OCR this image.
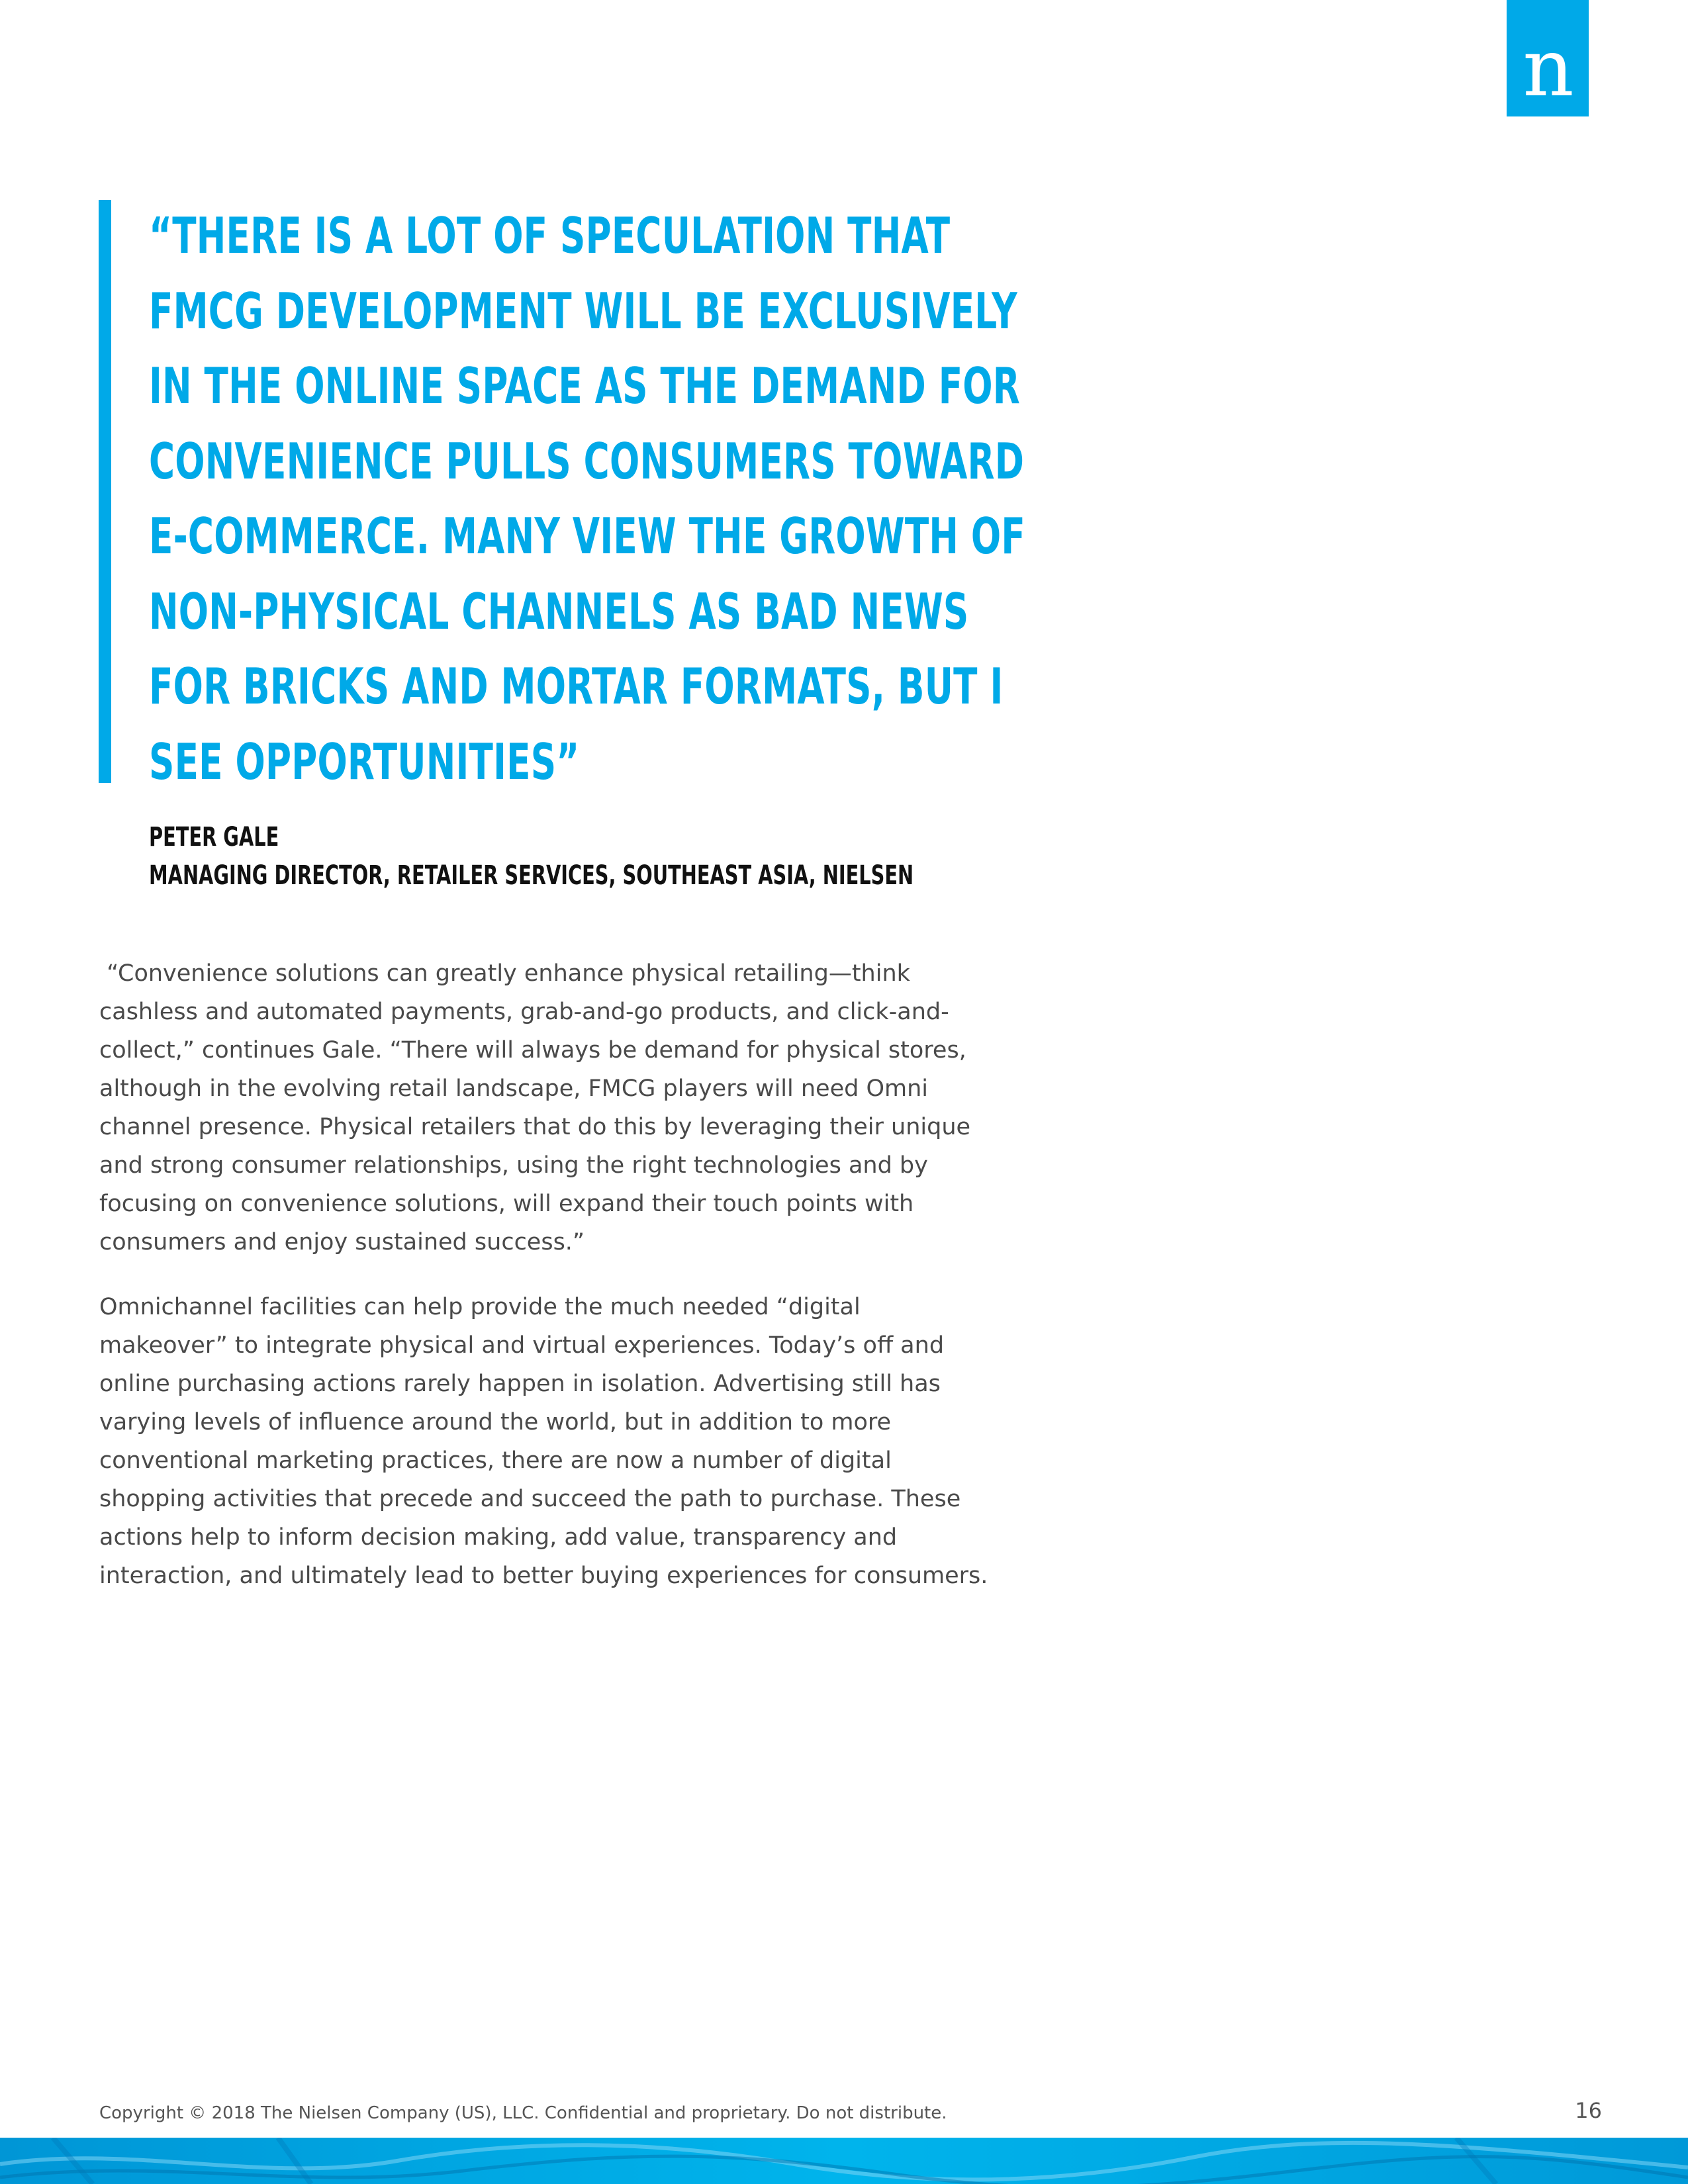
n
“THERE IS A LOT OF SPECULATION THAT
FMCG DEVELOPMENT WILL BE EXCLUSIVELY
IN THE ONLINE SPACE AS THE DEMAND FOR
CONVENIENCE PULLS CONSUMERS TOWARD
E-COMMERCE. MANY VIEW THE GROWTH OF
NON-PHYSICAL CHANNELS AS BAD NEWS
FOR BRICKS AND MORTAR FORMATS, BUT I
SEE OPPORTUNITIES”
PETER GALE
MANAGING DIRECTOR, RETAILER SERVICES, SOUTHEAST ASIA, NIELSEN

“Convenience solutions can greatly enhance physical retailing—think
cashless and automated payments, grab-and-go products, and click-and-
collect,” continues Gale. “There will always be demand for physical stores,
although in the evolving retail landscape, FMCG players will need Omni
channel presence. Physical retailers that do this by leveraging their unique
and strong consumer relationships, using the right technologies and by
focusing on convenience solutions, will expand their touch points with
consumers and enjoy sustained success.”

Omnichannel facilities can help provide the much needed “digital
makeover” to integrate physical and virtual experiences. Today’s off and
online purchasing actions rarely happen in isolation. Advertising still has
varying levels of influence around the world, but in addition to more
conventional marketing practices, there are now a number of digital
shopping activities that precede and succeed the path to purchase. These
actions help to inform decision making, add value, transparency and
interaction, and ultimately lead to better buying experiences for consumers.

Copyright © 2018 The Nielsen Company (US), LLC. Confidential and proprietary. Do not distribute.	16
